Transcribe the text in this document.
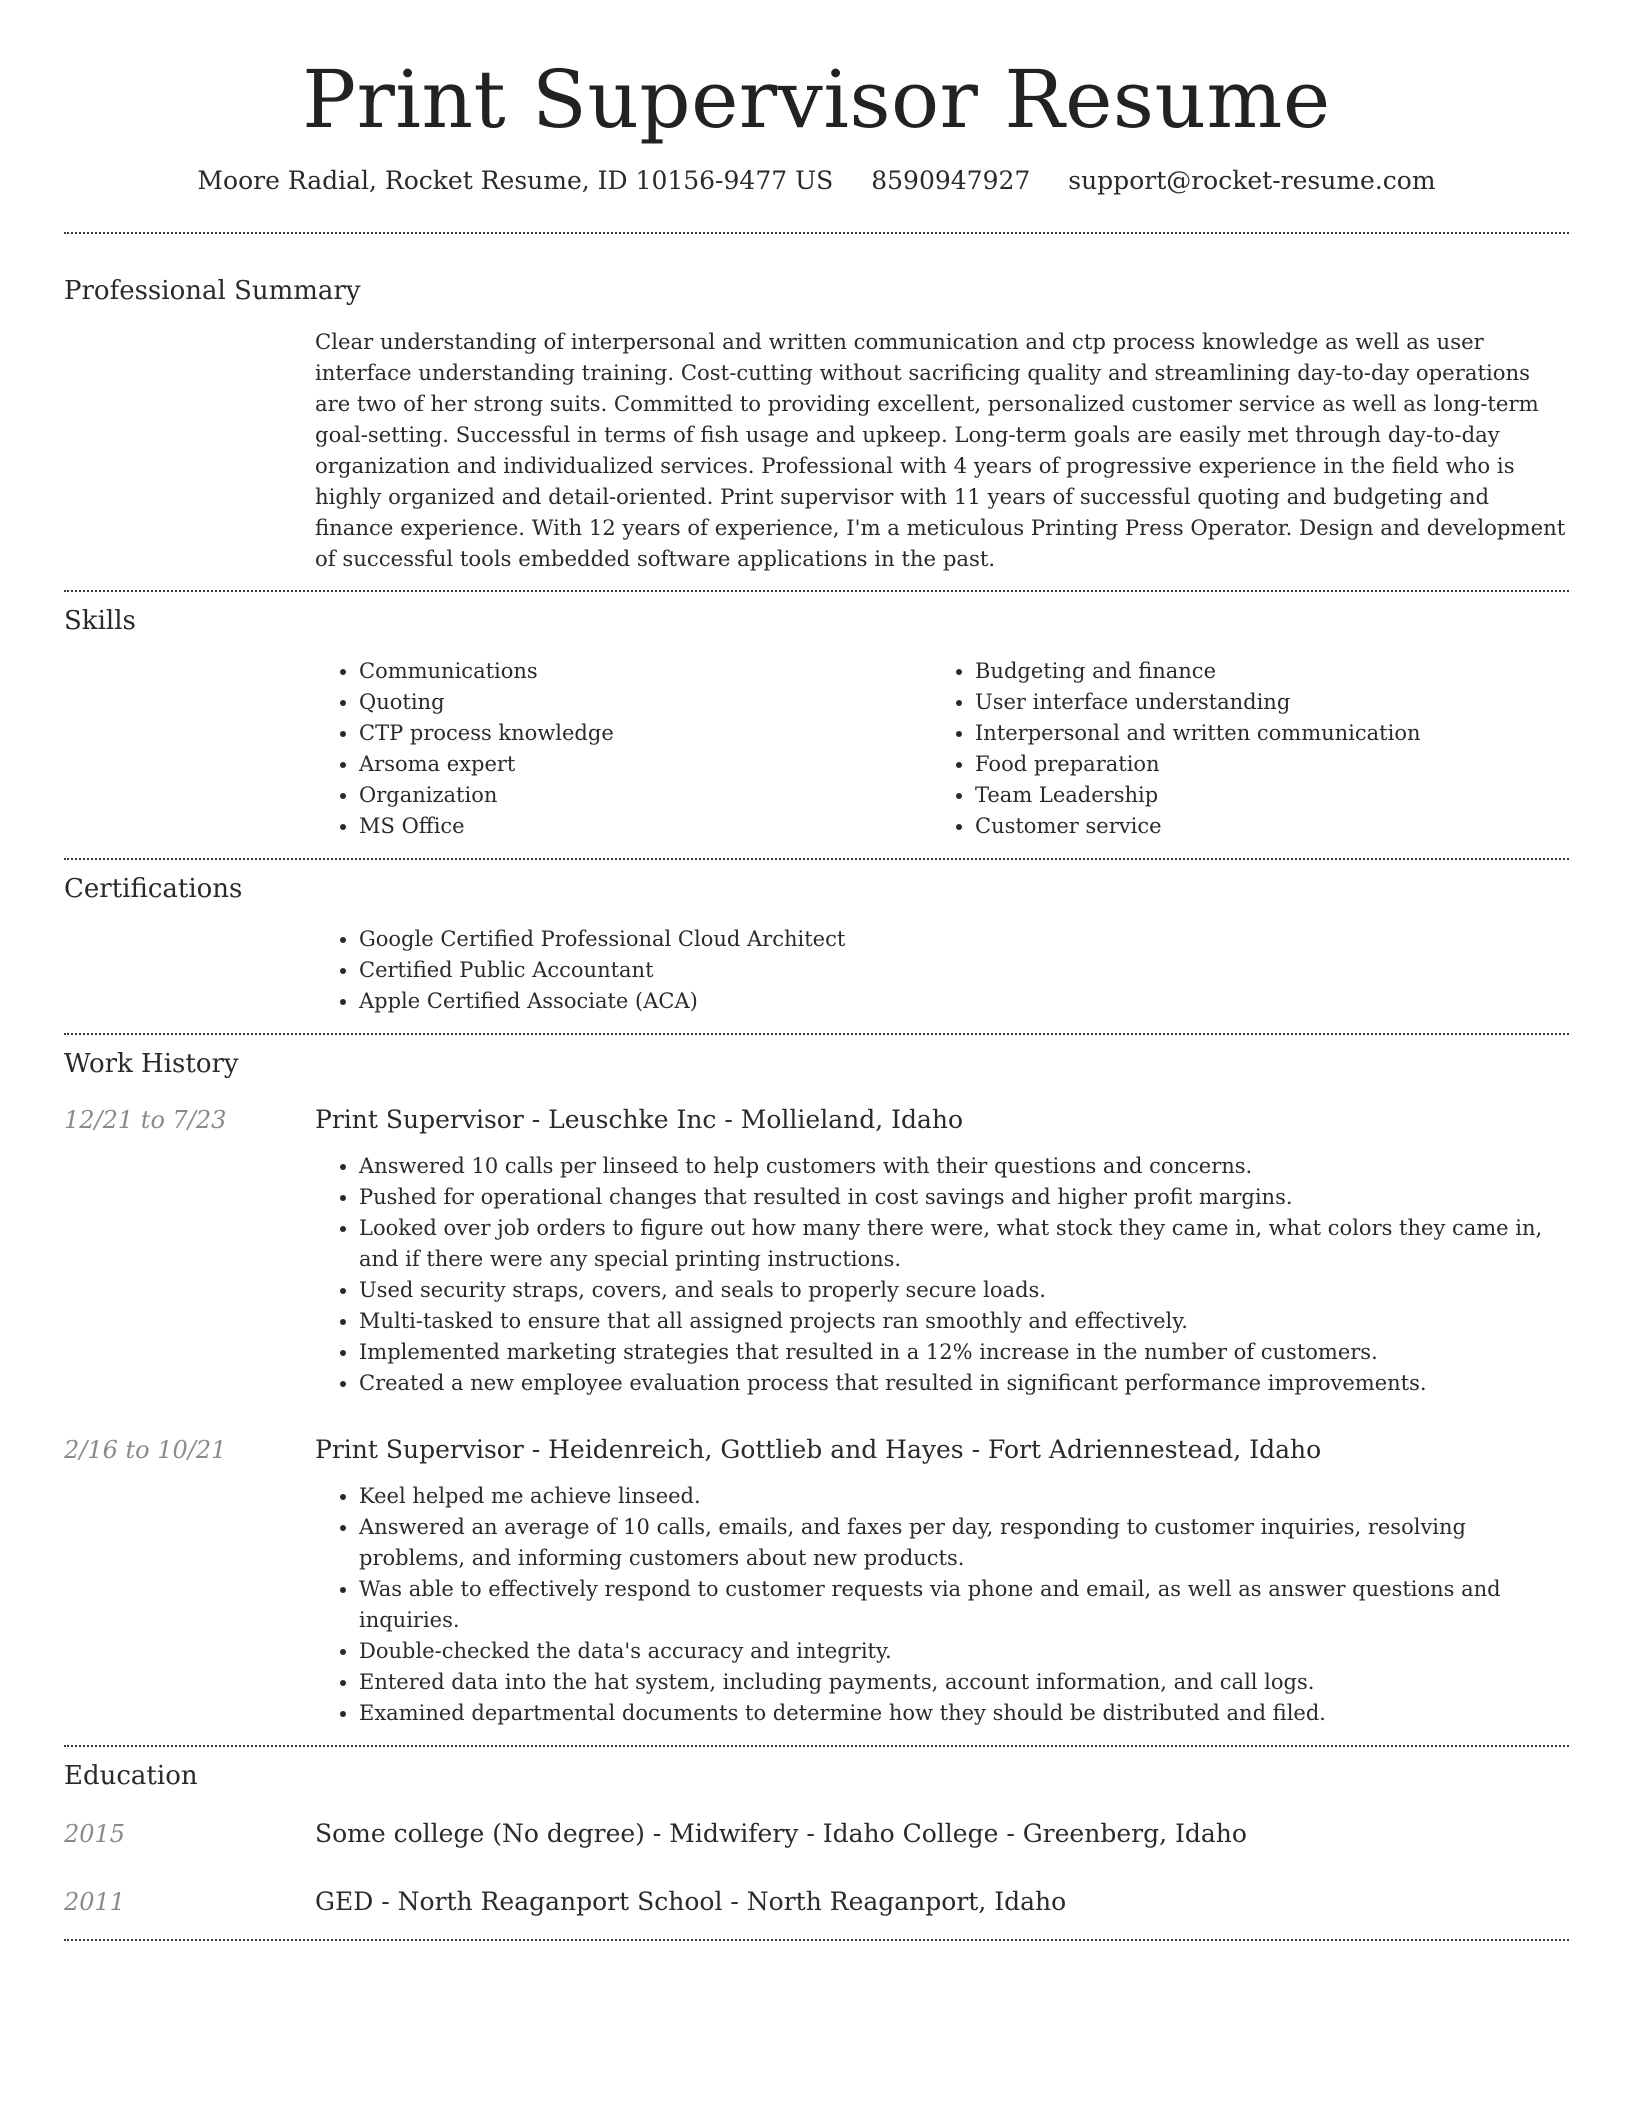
Print Supervisor Resume
Moore Radial, Rocket Resume, ID 10156-9477 US 8590947927 support@rocket-resume.com
Professional Summary
Clear understanding of interpersonal and written communication and ctp process knowledge as well as user interface understanding training. Cost-cutting without sacrificing quality and streamlining day-to-day operations are two of her strong suits. Committed to providing excellent, personalized customer service as well as long-term goal-setting. Successful in terms of fish usage and upkeep. Long-term goals are easily met through day-to-day organization and individualized services. Professional with 4 years of progressive experience in the field who is highly organized and detail-oriented. Print supervisor with 11 years of successful quoting and budgeting and finance experience. With 12 years of experience, I'm a meticulous Printing Press Operator. Design and development of successful tools embedded software applications in the past.
Skills
• Communications
• Quoting
• CTP process knowledge
• Arsoma expert
• Organization
• MS Office
• Budgeting and finance
• User interface understanding
• Interpersonal and written communication
• Food preparation
• Team Leadership
• Customer service
Certifications
• Google Certified Professional Cloud Architect
• Certified Public Accountant
• Apple Certified Associate (ACA)
Work History
12/21 to 7/23	Print Supervisor - Leuschke Inc - Mollieland, Idaho
• Answered 10 calls per linseed to help customers with their questions and concerns.
• Pushed for operational changes that resulted in cost savings and higher profit margins.
• Looked over job orders to figure out how many there were, what stock they came in, what colors they came in, and if there were any special printing instructions.
• Used security straps, covers, and seals to properly secure loads.
• Multi-tasked to ensure that all assigned projects ran smoothly and effectively.
• Implemented marketing strategies that resulted in a 12% increase in the number of customers.
• Created a new employee evaluation process that resulted in significant performance improvements.
2/16 to 10/21	Print Supervisor - Heidenreich, Gottlieb and Hayes - Fort Adriennestead, Idaho
• Keel helped me achieve linseed.
• Answered an average of 10 calls, emails, and faxes per day, responding to customer inquiries, resolving problems, and informing customers about new products.
• Was able to effectively respond to customer requests via phone and email, as well as answer questions and inquiries.
• Double-checked the data's accuracy and integrity.
• Entered data into the hat system, including payments, account information, and call logs.
• Examined departmental documents to determine how they should be distributed and filed.
Education
2015	Some college (No degree) - Midwifery - Idaho College - Greenberg, Idaho
2011	GED - North Reaganport School - North Reaganport, Idaho
